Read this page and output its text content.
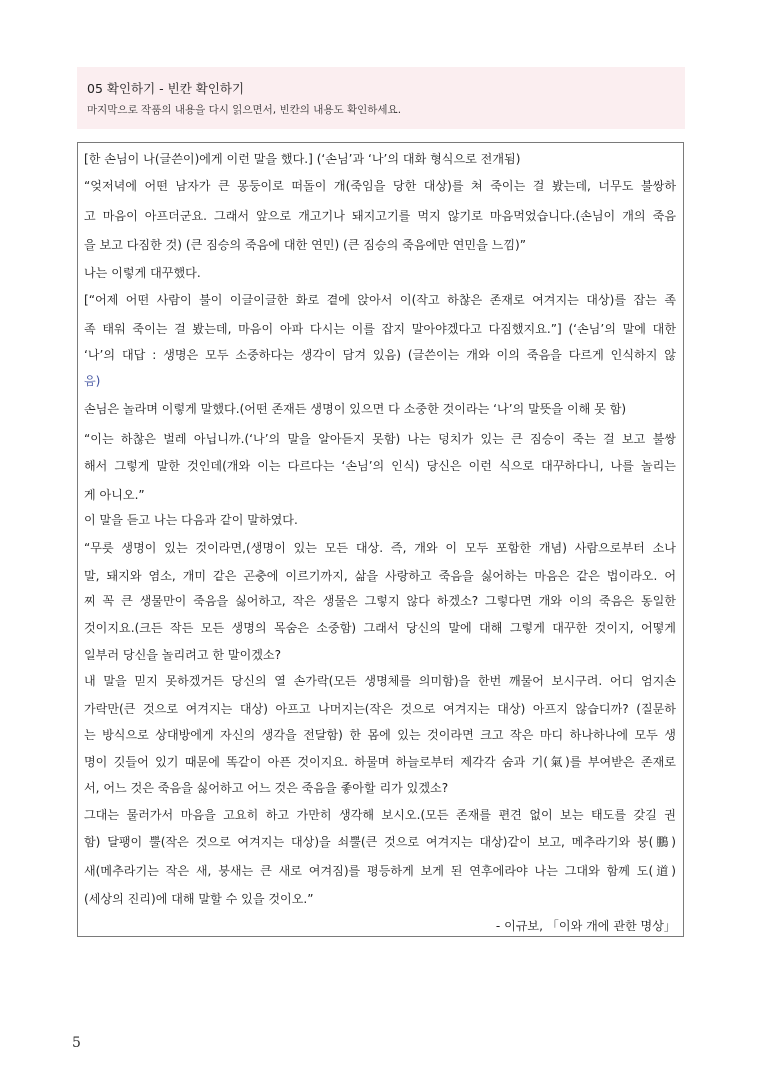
05 확인하기 - 빈칸 확인하기
마지막으로 작품의 내용을 다시 읽으면서, 빈칸의 내용도 확인하세요.
[한 손님이 나(글쓴이)에게 이런 말을 했다.] (‘손님’과 ‘나’의 대화 형식으로 전개됨)
“엊저녁에 어떤 남자가 큰 몽둥이로 떠돌이 개(죽임을 당한 대상)를 쳐 죽이는 걸 봤는데, 너무도 불쌍하
고 마음이 아프더군요. 그래서 앞으로 개고기나 돼지고기를 먹지 않기로 마음먹었습니다.(손님이 개의 죽음
을 보고 다짐한 것) (큰 짐승의 죽음에 대한 연민) (큰 짐승의 죽음에만 연민을 느낌)”
나는 이렇게 대꾸했다.
[“어제 어떤 사람이 불이 이글이글한 화로 곁에 앉아서 이(작고 하찮은 존재로 여겨지는 대상)를 잡는 족
족 태워 죽이는 걸 봤는데, 마음이 아파 다시는 이를 잡지 말아야겠다고 다짐했지요.”] (‘손님’의 말에 대한
‘나’의 대답 : 생명은 모두 소중하다는 생각이 담겨 있음) (글쓴이는 개와 이의 죽음을 다르게 인식하지 않
음)
손님은 놀라며 이렇게 말했다.(어떤 존재든 생명이 있으면 다 소중한 것이라는 ‘나’의 말뜻을 이해 못 함)
“이는 하찮은 벌레 아닙니까.(‘나’의 말을 알아듣지 못함) 나는 덩치가 있는 큰 짐승이 죽는 걸 보고 불쌍
해서 그렇게 말한 것인데(개와 이는 다르다는 ‘손님’의 인식) 당신은 이런 식으로 대꾸하다니, 나를 놀리는
게 아니오.”
이 말을 듣고 나는 다음과 같이 말하였다.
“무릇 생명이 있는 것이라면,(생명이 있는 모든 대상. 즉, 개와 이 모두 포함한 개념) 사람으로부터 소나
말, 돼지와 염소, 개미 같은 곤충에 이르기까지, 삶을 사랑하고 죽음을 싫어하는 마음은 같은 법이라오. 어
찌 꼭 큰 생물만이 죽음을 싫어하고, 작은 생물은 그렇지 않다 하겠소? 그렇다면 개와 이의 죽음은 동일한
것이지요.(크든 작든 모든 생명의 목숨은 소중함) 그래서 당신의 말에 대해 그렇게 대꾸한 것이지, 어떻게
일부러 당신을 놀리려고 한 말이겠소?
내 말을 믿지 못하겠거든 당신의 열 손가락(모든 생명체를 의미함)을 한번 깨물어 보시구려. 어디 엄지손
가락만(큰 것으로 여겨지는 대상) 아프고 나머지는(작은 것으로 여겨지는 대상) 아프지 않습디까? (질문하
는 방식으로 상대방에게 자신의 생각을 전달함) 한 몸에 있는 것이라면 크고 작은 마디 하나하나에 모두 생
명이 깃들어 있기 때문에 똑같이 아픈 것이지요. 하물며 하늘로부터 제각각 숨과 기(氣)를 부여받은 존재로
서, 어느 것은 죽음을 싫어하고 어느 것은 죽음을 좋아할 리가 있겠소?
그대는 물러가서 마음을 고요히 하고 가만히 생각해 보시오.(모든 존재를 편견 없이 보는 태도를 갖길 권
함) 달팽이 뿔(작은 것으로 여겨지는 대상)을 쇠뿔(큰 것으로 여겨지는 대상)같이 보고, 메추라기와 붕(鵬)
새(메추라기는 작은 새, 붕새는 큰 새로 여겨짐)를 평등하게 보게 된 연후에라야 나는 그대와 함께 도(道)
(세상의 진리)에 대해 말할 수 있을 것이오.”
- 이규보, 「이와 개에 관한 명상」
5
